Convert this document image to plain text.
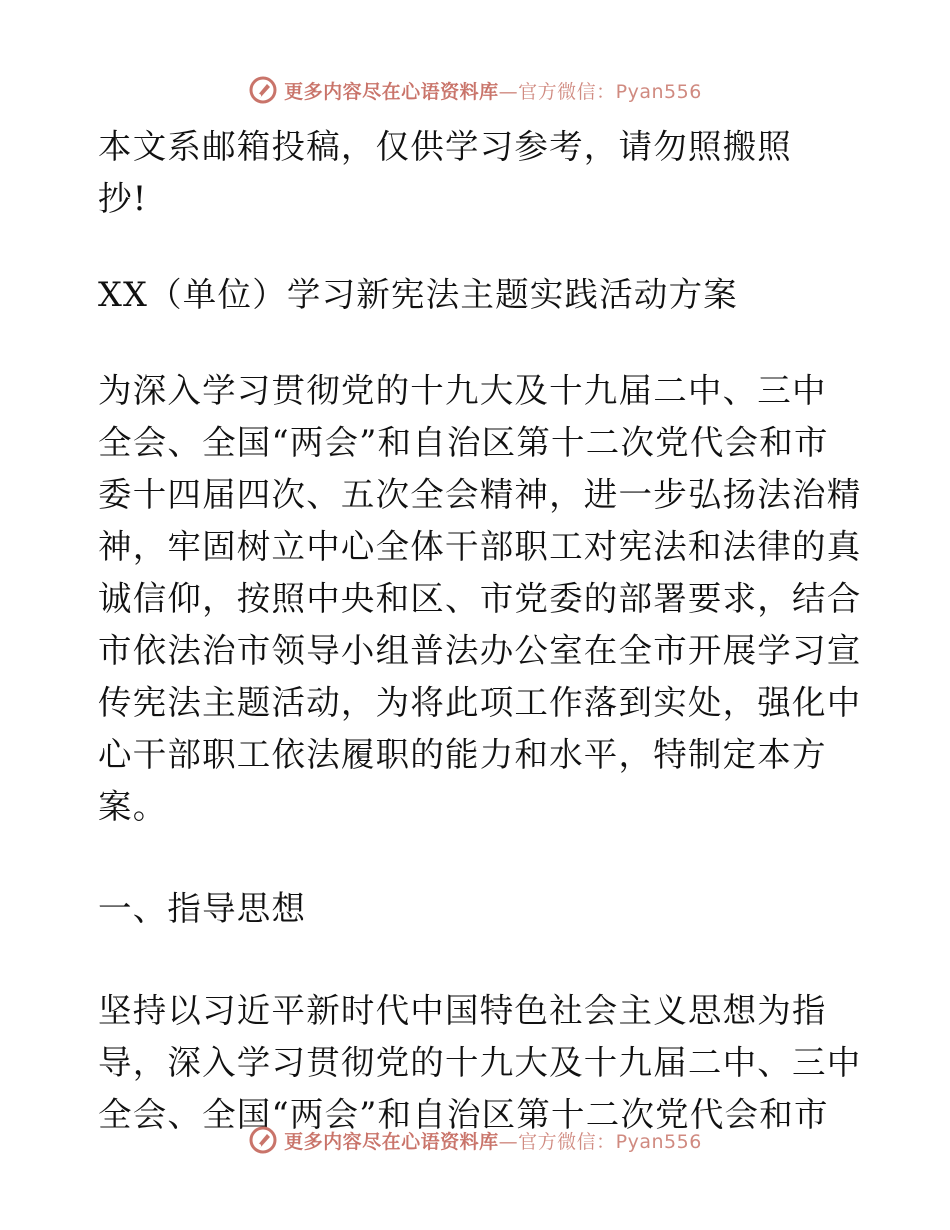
更多内容尽在心语资料库—官方微信：Pyan556
本文系邮箱投稿，仅供学习参考，请勿照搬照
抄!
XX（单位）学习新宪法主题实践活动方案
为深入学习贯彻党的十九大及十九届二中、三中
全会、全国“两会”和自治区第十二次党代会和市
委十四届四次、五次全会精神，进一步弘扬法治精
神，牢固树立中心全体干部职工对宪法和法律的真
诚信仰，按照中央和区、市党委的部署要求，结合
市依法治市领导小组普法办公室在全市开展学习宣
传宪法主题活动，为将此项工作落到实处，强化中
心干部职工依法履职的能力和水平，特制定本方
案。
一、指导思想
坚持以习近平新时代中国特色社会主义思想为指
导，深入学习贯彻党的十九大及十九届二中、三中
全会、全国“两会”和自治区第十二次党代会和市
更多内容尽在心语资料库—官方微信：Pyan556
